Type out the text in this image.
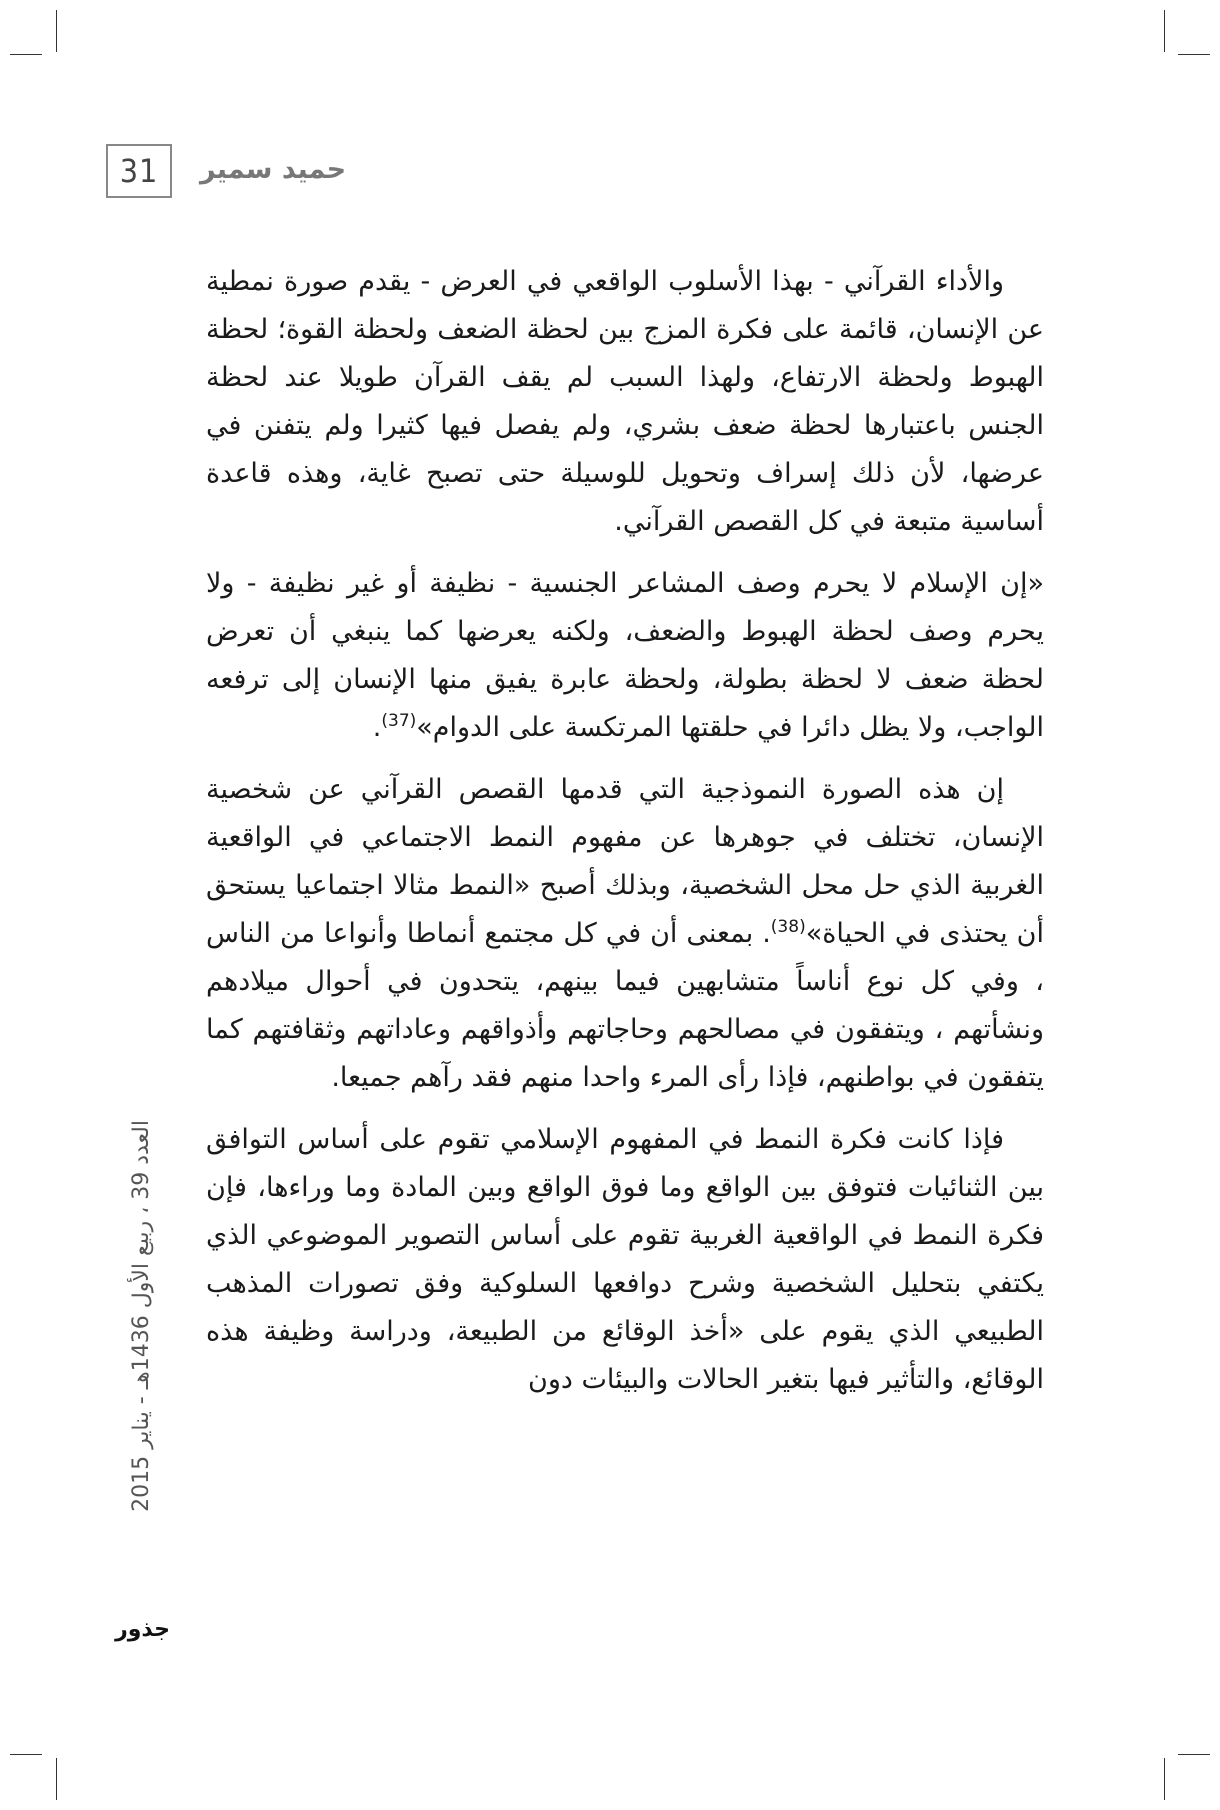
31	حميد سمير

والأداء القرآني - بهذا الأسلوب الواقعي في العرض - يقدم صورة نمطية عن الإنسان، قائمة على فكرة المزج بين لحظة الضعف ولحظة القوة؛ لحظة الهبوط ولحظة الارتفاع، ولهذا السبب لم يقف القرآن طويلا عند لحظة الجنس باعتبارها لحظة ضعف بشري، ولم يفصل فيها كثيرا ولم يتفنن في عرضها، لأن ذلك إسراف وتحويل للوسيلة حتى تصبح غاية، وهذه قاعدة أساسية متبعة في كل القصص القرآني.

«إن الإسلام لا يحرم وصف المشاعر الجنسية - نظيفة أو غير نظيفة - ولا يحرم وصف لحظة الهبوط والضعف، ولكنه يعرضها كما ينبغي أن تعرض لحظة ضعف لا لحظة بطولة، ولحظة عابرة يفيق منها الإنسان إلى ترفعه الواجب، ولا يظل دائرا في حلقتها المرتكسة على الدوام»$^{(37)}$.

إن هذه الصورة النموذجية التي قدمها القصص القرآني عن شخصية الإنسان، تختلف في جوهرها عن مفهوم النمط الاجتماعي في الواقعية الغربية الذي حل محل الشخصية، وبذلك أصبح «النمط مثالا اجتماعيا يستحق أن يحتذى في الحياة»$^{(38)}$. بمعنى أن في كل مجتمع أنماطا وأنواعا من الناس ، وفي كل نوع أناساً متشابهين فيما بينهم، يتحدون في أحوال ميلادهم ونشأتهم ، ويتفقون في مصالحهم وحاجاتهم وأذواقهم وعاداتهم وثقافتهم كما يتفقون في بواطنهم، فإذا رأى المرء واحدا منهم فقد رآهم جميعا.

فإذا كانت فكرة النمط في المفهوم الإسلامي تقوم على أساس التوافق بين الثنائيات فتوفق بين الواقع وما فوق الواقع وبين المادة وما وراءها، فإن فكرة النمط في الواقعية الغربية تقوم على أساس التصوير الموضوعي الذي يكتفي بتحليل الشخصية وشرح دوافعها السلوكية وفق تصورات المذهب الطبيعي الذي يقوم على «أخذ الوقائع من الطبيعة، ودراسة وظيفة هذه الوقائع، والتأثير فيها بتغير الحالات والبيئات دون

العدد 39 ، ربيع الأول 1436هـ - يناير 2015
جذور
